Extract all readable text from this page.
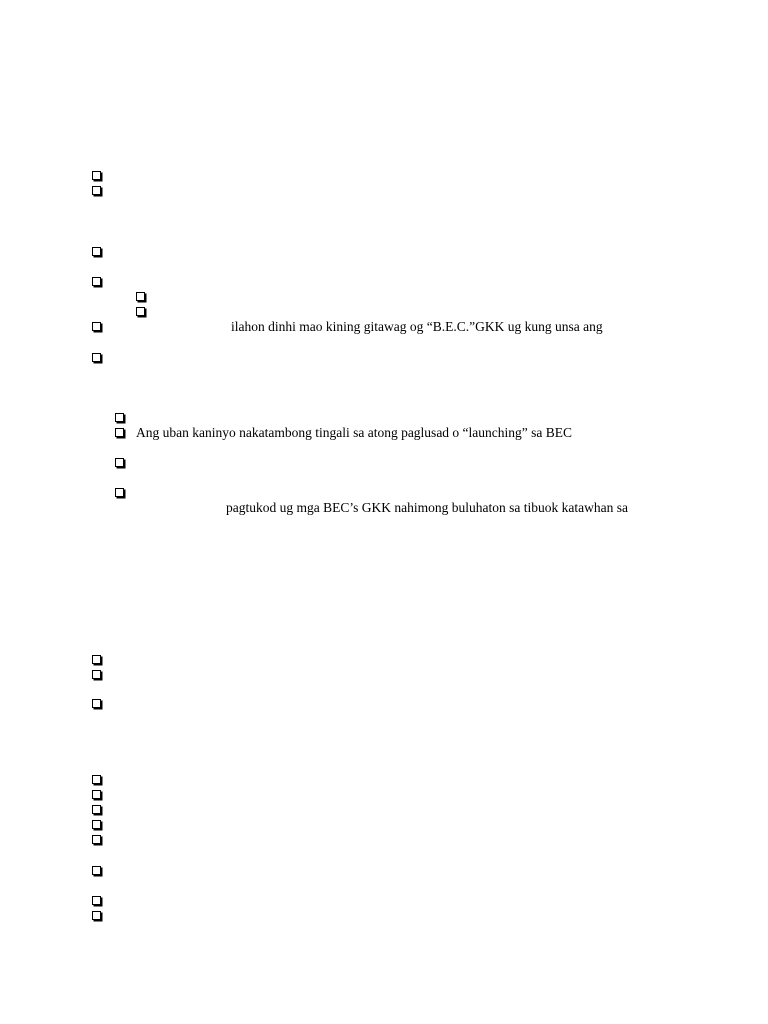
ilahon dinhi mao kining gitawag og “B.E.C.”GKK ug kung unsa ang
Ang uban kaninyo nakatambong tingali sa atong paglusad o “launching” sa BEC
pagtukod ug mga BEC’s GKK nahimong buluhaton sa tibuok katawhan sa
